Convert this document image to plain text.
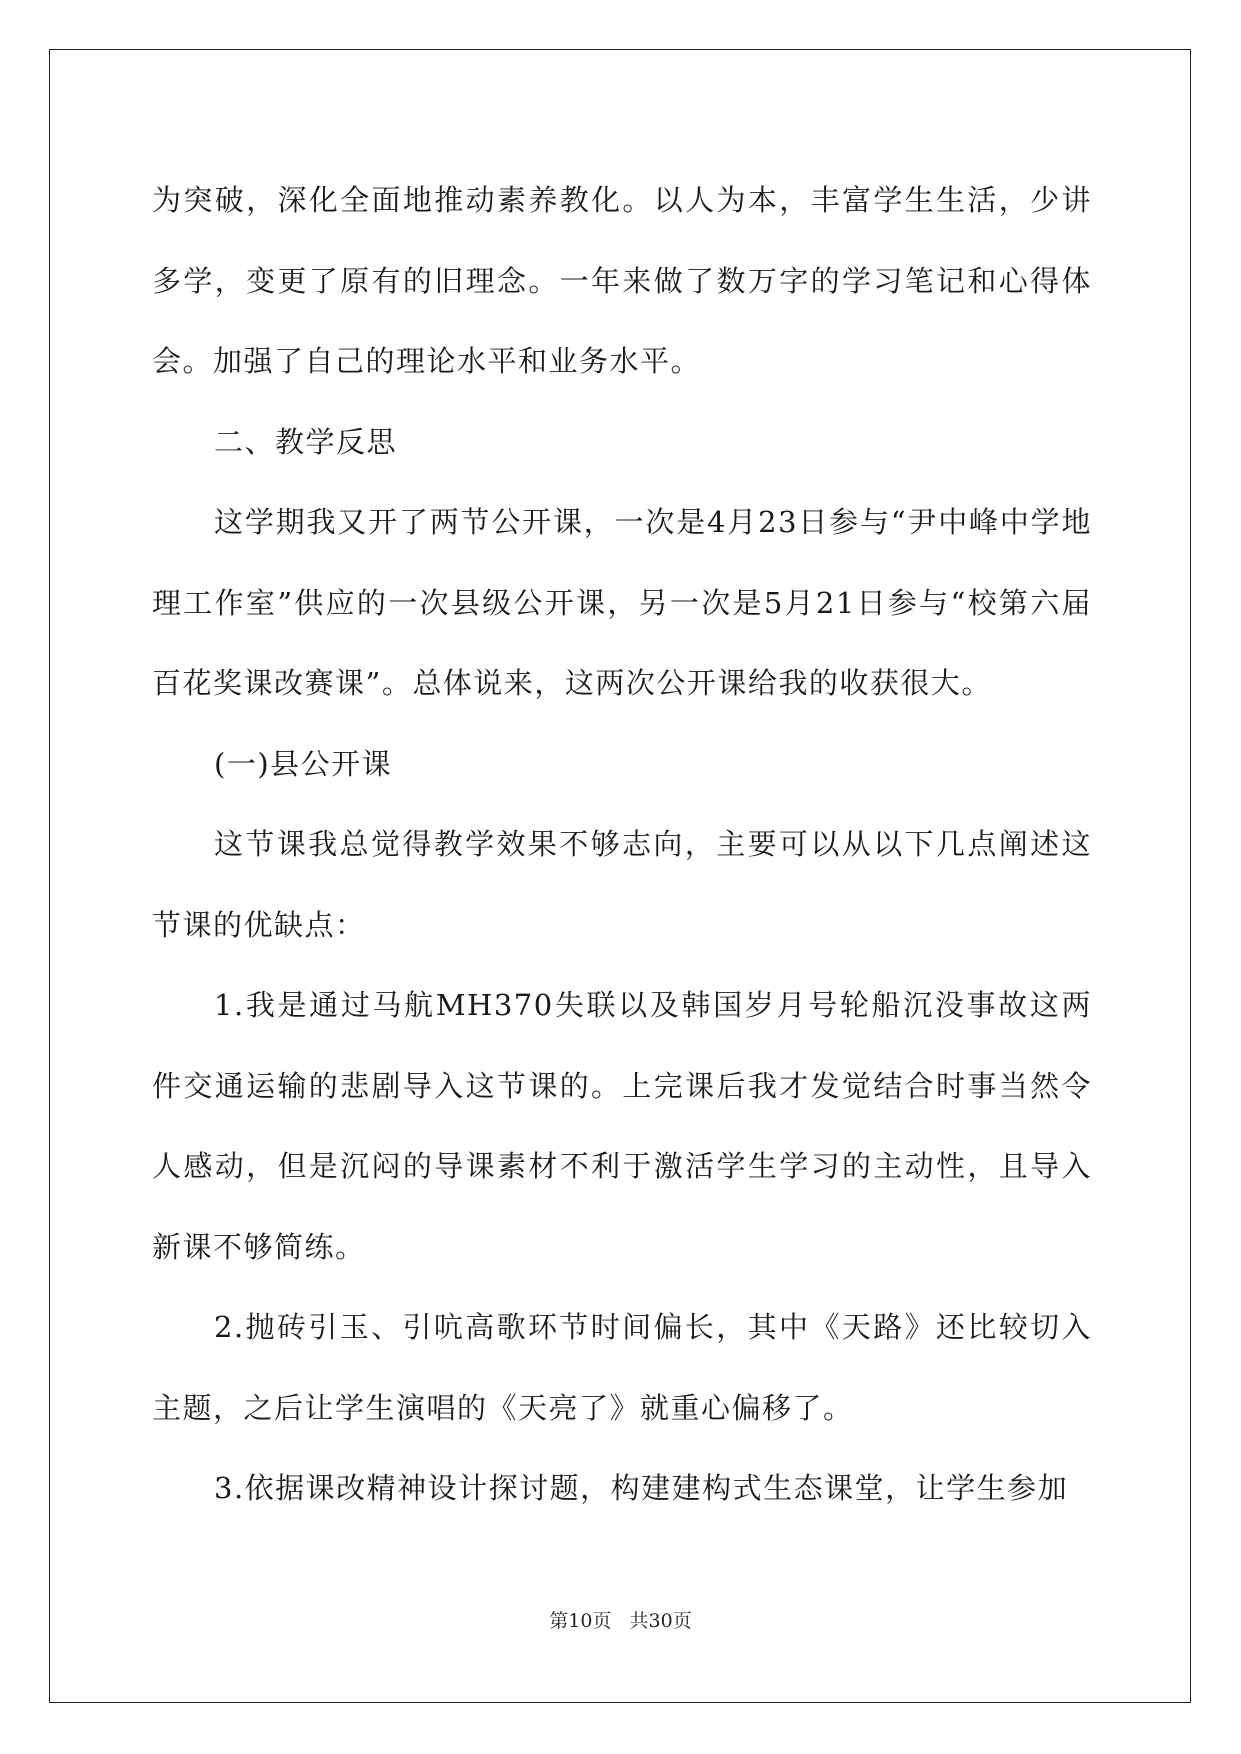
为突破，深化全面地推动素养教化。以人为本，丰富学生生活，少讲多学，变更了原有的旧理念。一年来做了数万字的学习笔记和心得体会。加强了自己的理论水平和业务水平。

二、教学反思

这学期我又开了两节公开课，一次是4月23日参与“尹中峰中学地理工作室”供应的一次县级公开课，另一次是5月21日参与“校第六届百花奖课改赛课”。总体说来，这两次公开课给我的收获很大。

(一)县公开课

这节课我总觉得教学效果不够志向，主要可以从以下几点阐述这节课的优缺点：

1.我是通过马航MH370失联以及韩国岁月号轮船沉没事故这两件交通运输的悲剧导入这节课的。上完课后我才发觉结合时事当然令人感动，但是沉闷的导课素材不利于激活学生学习的主动性，且导入新课不够简练。

2.抛砖引玉、引吭高歌环节时间偏长，其中《天路》还比较切入主题，之后让学生演唱的《天亮了》就重心偏移了。

3.依据课改精神设计探讨题，构建建构式生态课堂，让学生参加

第10页 共30页
